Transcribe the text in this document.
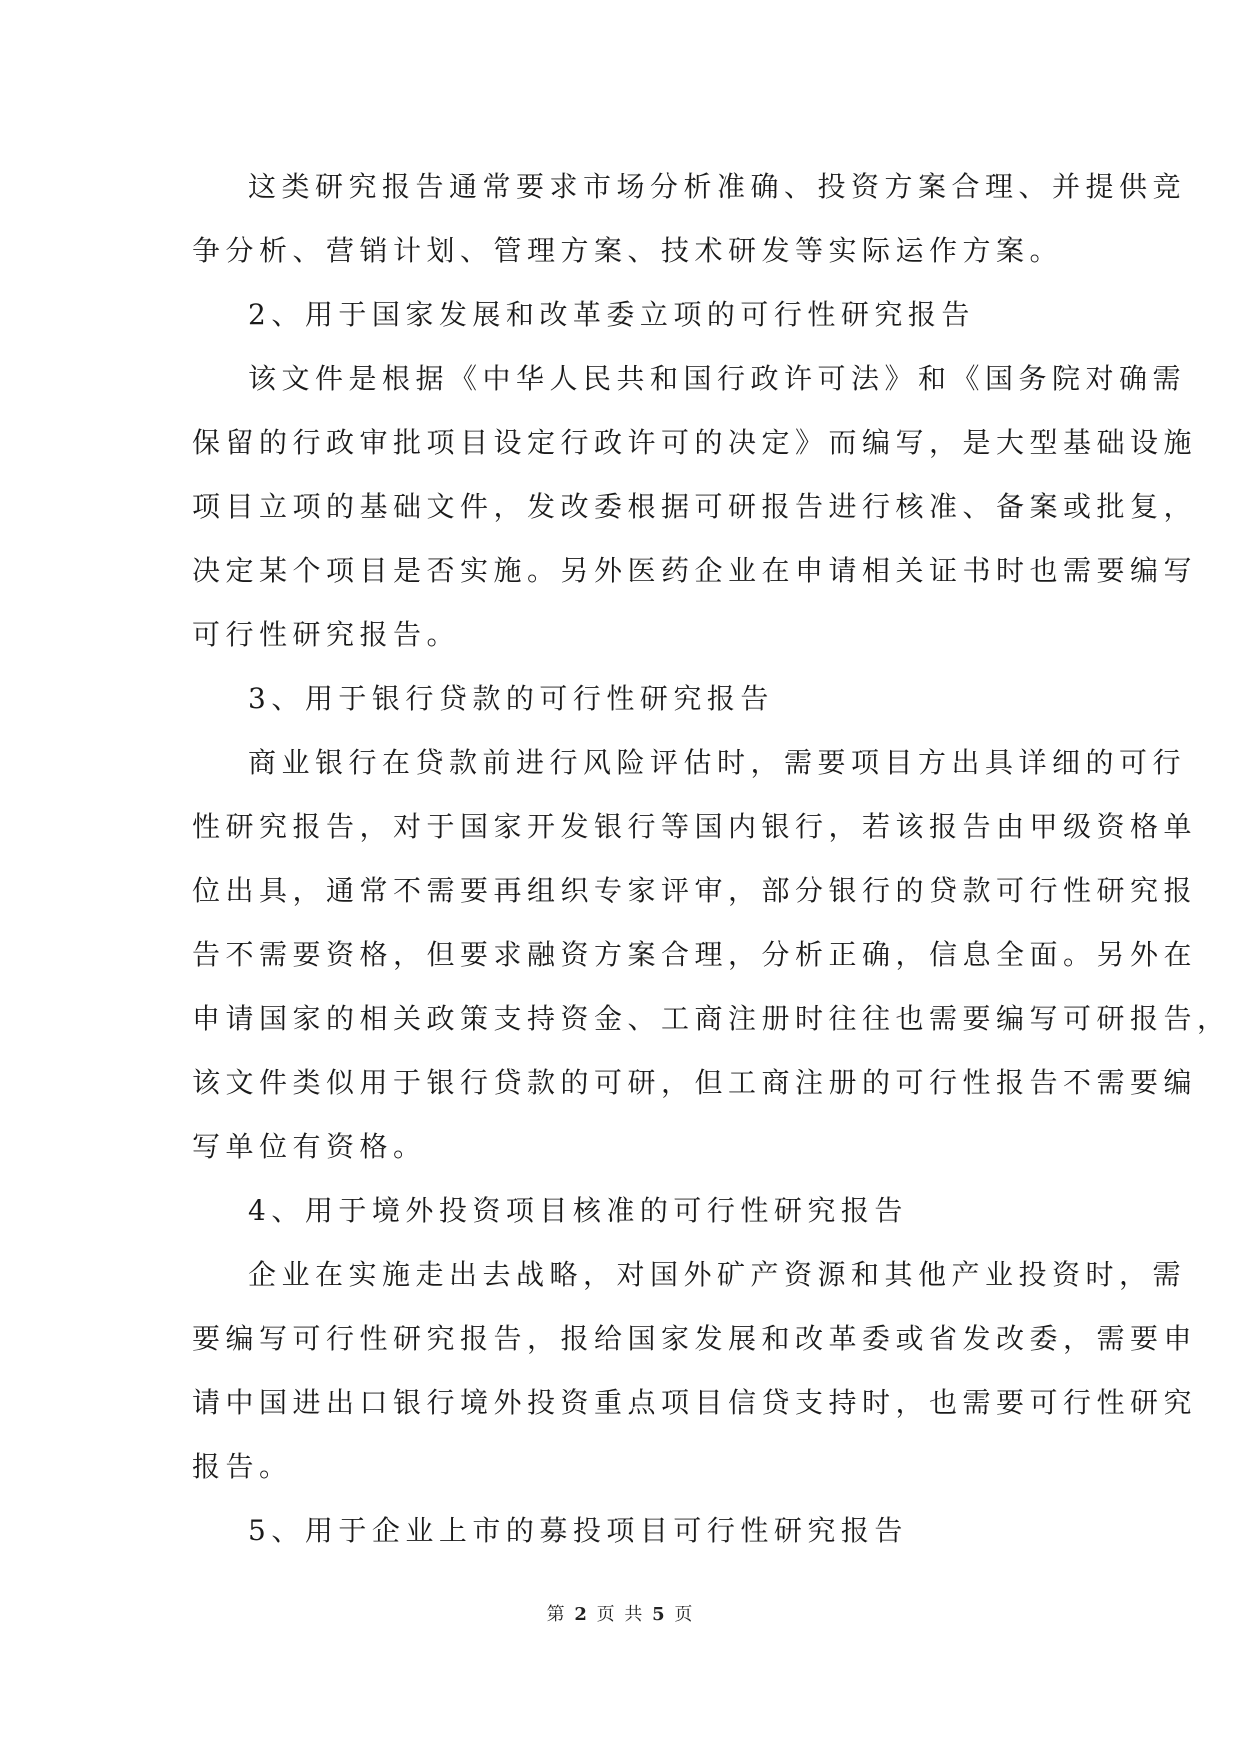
这类研究报告通常要求市场分析准确、投资方案合理、并提供竞
争分析、营销计划、管理方案、技术研发等实际运作方案。
2、用于国家发展和改革委立项的可行性研究报告
该文件是根据《中华人民共和国行政许可法》和《国务院对确需
保留的行政审批项目设定行政许可的决定》而编写，是大型基础设施
项目立项的基础文件，发改委根据可研报告进行核准、备案或批复，
决定某个项目是否实施。另外医药企业在申请相关证书时也需要编写
可行性研究报告。
3、用于银行贷款的可行性研究报告
商业银行在贷款前进行风险评估时，需要项目方出具详细的可行
性研究报告，对于国家开发银行等国内银行，若该报告由甲级资格单
位出具，通常不需要再组织专家评审，部分银行的贷款可行性研究报
告不需要资格，但要求融资方案合理，分析正确，信息全面。另外在
申请国家的相关政策支持资金、工商注册时往往也需要编写可研报告，
该文件类似用于银行贷款的可研，但工商注册的可行性报告不需要编
写单位有资格。
4、用于境外投资项目核准的可行性研究报告
企业在实施走出去战略，对国外矿产资源和其他产业投资时，需
要编写可行性研究报告，报给国家发展和改革委或省发改委，需要申
请中国进出口银行境外投资重点项目信贷支持时，也需要可行性研究
报告。
5、用于企业上市的募投项目可行性研究报告
第 2 页 共 5 页
